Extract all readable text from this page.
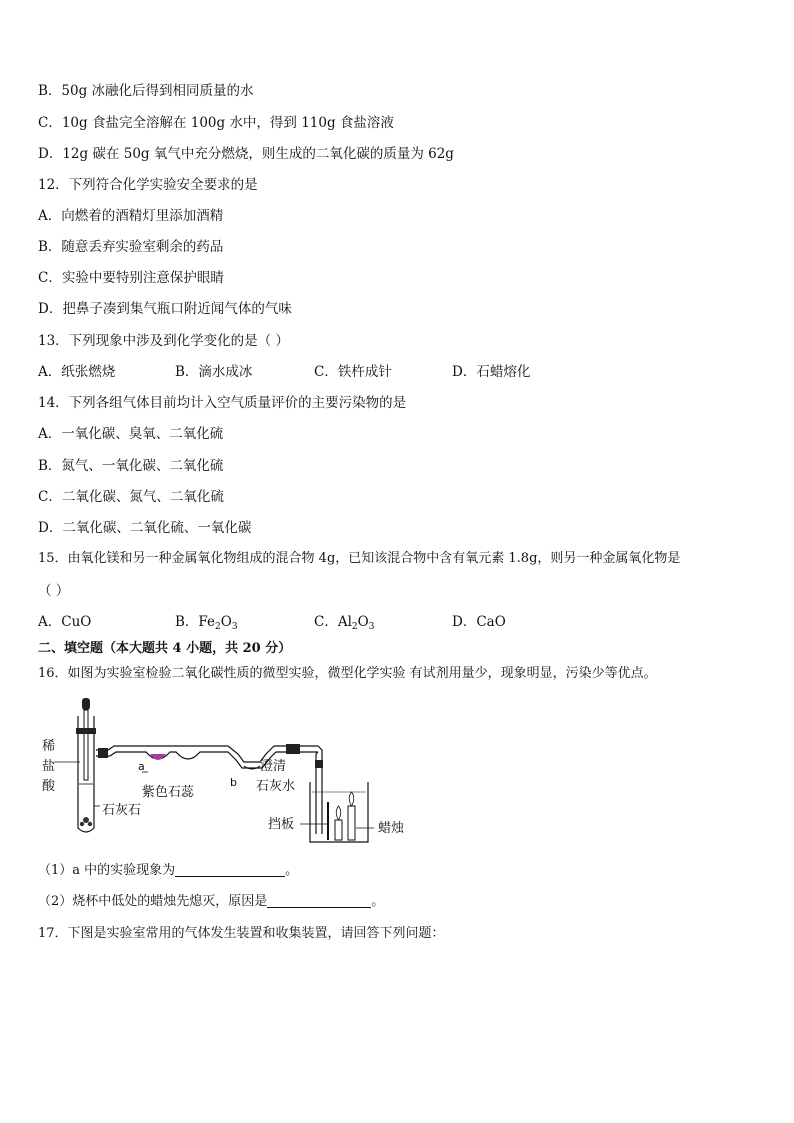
B．50g 冰融化后得到相同质量的水
C．10g 食盐完全溶解在 100g 水中，得到 110g 食盐溶液
D．12g 碳在 50g 氧气中充分燃烧，则生成的二氧化碳的质量为 62g
12．下列符合化学实验安全要求的是
A．向燃着的酒精灯里添加酒精
B．随意丢弃实验室剩余的药品
C．实验中要特别注意保护眼睛
D．把鼻子凑到集气瓶口附近闻气体的气味
13．下列现象中涉及到化学变化的是（ ）
A．纸张燃烧	B．滴水成冰	C．铁杵成针	D．石蜡熔化
14．下列各组气体目前均计入空气质量评价的主要污染物的是
A．一氧化碳、臭氧、二氧化硫
B．氮气、一氧化碳、二氧化硫
C．二氧化碳、氮气、二氧化硫
D．二氧化碳、二氧化硫、一氧化碳
15．由氧化镁和另一种金属氧化物组成的混合物 4g，已知该混合物中含有氧元素 1.8g，则另一种金属氧化物是
（ ）
A．CuO	B．$Fe_2O_3$	C．$Al_2O_3$	D．CaO
二、填空题（本大题共 4 小题，共 20 分）
16．如图为实验室检验二氧化碳性质的微型实验，微型化学实验 有试剂用量少，现象明显，污染少等优点。
稀
盐
酸
a
紫色石蕊
b
澄清
石灰水
石灰石
挡板	蜡烛
（1）a 中的实验现象为	。
（2）烧杯中低处的蜡烛先熄灭，原因是	。
17．下图是实验室常用的气体发生装置和收集装置，请回答下列问题：
